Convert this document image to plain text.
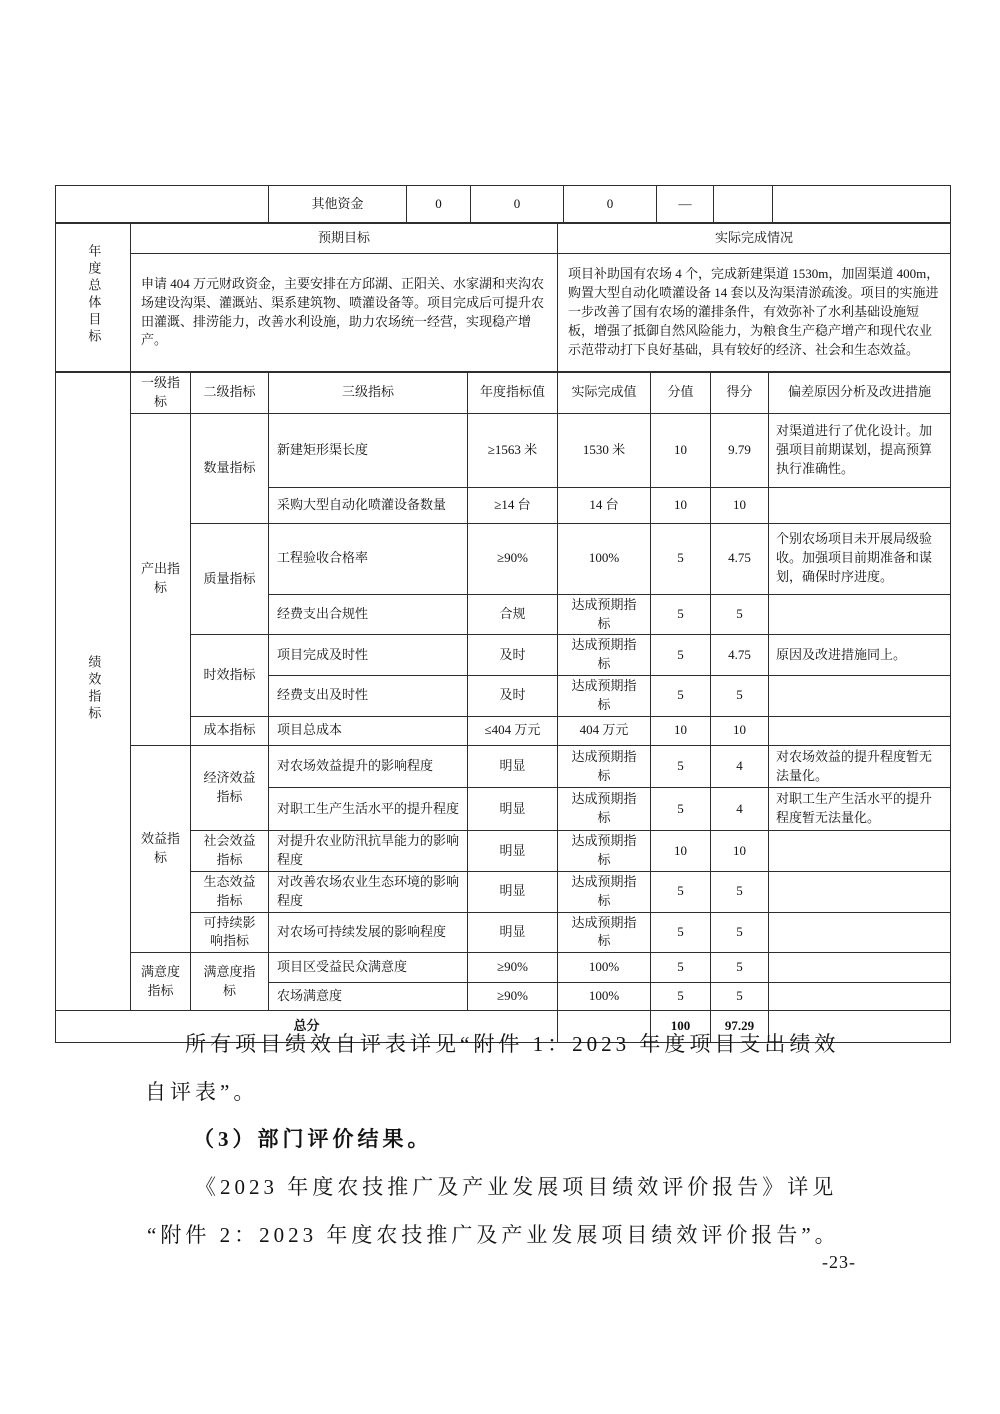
	其他资金	0	0	0	—		
年度总体目标	预期目标	实际完成情况
	申请 404 万元财政资金，主要安排在方邱湖、正阳关、水家湖和夹沟农场建设沟渠、灌溉站、渠系建筑物、喷灌设备等。项目完成后可提升农田灌溉、排涝能力，改善水利设施，助力农场统一经营，实现稳产增产。	项目补助国有农场 4 个，完成新建渠道 1530m，加固渠道 400m，购置大型自动化喷灌设备 14 套以及沟渠清淤疏浚。项目的实施进一步改善了国有农场的灌排条件，有效弥补了水利基础设施短板，增强了抵御自然风险能力，为粮食生产稳产增产和现代农业示范带动打下良好基础，具有较好的经济、社会和生态效益。
绩效指标	一级指标	二级指标	三级指标	年度指标值	实际完成值	分值	得分	偏差原因分析及改进措施
	产出指标	数量指标	新建矩形渠长度	≥1563 米	1530 米	10	9.79	对渠道进行了优化设计。加强项目前期谋划，提高预算执行准确性。
			采购大型自动化喷灌设备数量	≥14 台	14 台	10	10	
		质量指标	工程验收合格率	≥90%	100%	5	4.75	个别农场项目未开展局级验收。加强项目前期准备和谋划，确保时序进度。
			经费支出合规性	合规	达成预期指标	5	5	
		时效指标	项目完成及时性	及时	达成预期指标	5	4.75	原因及改进措施同上。
			经费支出及时性	及时	达成预期指标	5	5	
		成本指标	项目总成本	≤404 万元	404 万元	10	10	
	效益指标	经济效益指标	对农场效益提升的影响程度	明显	达成预期指标	5	4	对农场效益的提升程度暂无法量化。
			对职工生产生活水平的提升程度	明显	达成预期指标	5	4	对职工生产生活水平的提升程度暂无法量化。
		社会效益指标	对提升农业防汛抗旱能力的影响程度	明显	达成预期指标	10	10	
		生态效益指标	对改善农场农业生态环境的影响程度	明显	达成预期指标	5	5	
		可持续影响指标	对农场可持续发展的影响程度	明显	达成预期指标	5	5	
	满意度指标	满意度指标	项目区受益民众满意度	≥90%	100%	5	5	
			农场满意度	≥90%	100%	5	5	
总分						100	97.29	
所有项目绩效自评表详见“附件 1：2023 年度项目支出绩效
自评表”。
（3）部门评价结果。
《2023 年度农技推广及产业发展项目绩效评价报告》详见
“附件 2：2023 年度农技推广及产业发展项目绩效评价报告”。
-23-
